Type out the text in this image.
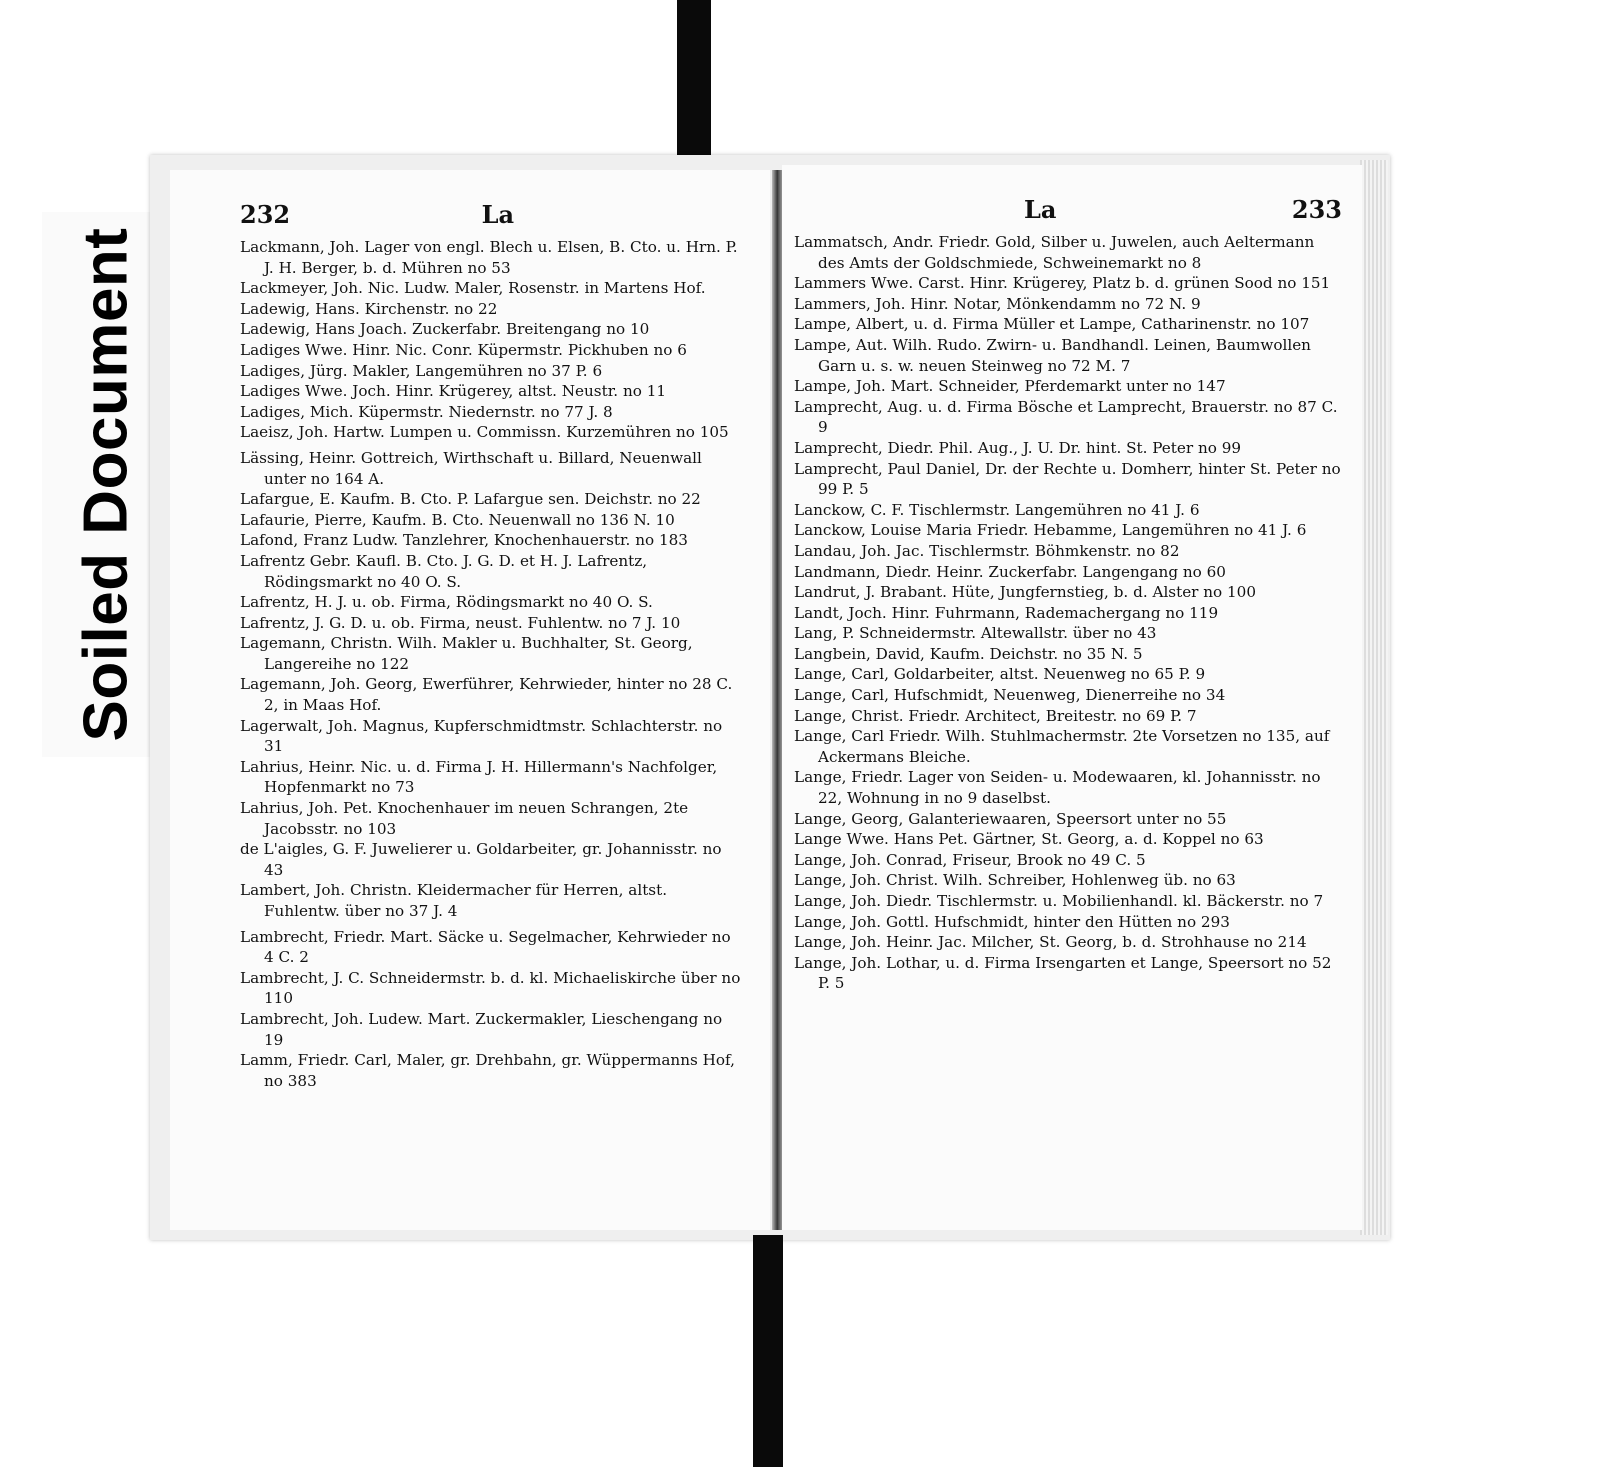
Soiled Document
232	La

Lackmann, Joh. Lager von engl. Blech u. Elsen, B. Cto. u. Hrn. P. J. H. Berger, b. d. Mühren no 53

Lackmeyer, Joh. Nic. Ludw. Maler, Rosenstr. in Martens Hof.

Ladewig, Hans. Kirchenstr. no 22

Ladewig, Hans Joach. Zuckerfabr. Breitengang no 10

Ladiges Wwe. Hinr. Nic. Conr. Küpermstr. Pickhuben no 6

Ladiges, Jürg. Makler, Langemühren no 37 P. 6

Ladiges Wwe. Joch. Hinr. Krügerey, altst. Neustr. no 11

Ladiges, Mich. Küpermstr. Niedernstr. no 77 J. 8

Laeisz, Joh. Hartw. Lumpen u. Commissn. Kurzemühren no 105

Lässing, Heinr. Gottreich, Wirthschaft u. Billard, Neuenwall unter no 164 A.

Lafargue, E. Kaufm. B. Cto. P. Lafargue sen. Deichstr. no 22

Lafaurie, Pierre, Kaufm. B. Cto. Neuenwall no 136 N. 10

Lafond, Franz Ludw. Tanzlehrer, Knochenhauerstr. no 183

Lafrentz Gebr. Kaufl. B. Cto. J. G. D. et H. J. Lafrentz, Rödingsmarkt no 40 O. S.

Lafrentz, H. J. u. ob. Firma, Rödingsmarkt no 40 O. S.

Lafrentz, J. G. D. u. ob. Firma, neust. Fuhlentw. no 7 J. 10

Lagemann, Christn. Wilh. Makler u. Buchhalter, St. Georg, Langereihe no 122

Lagemann, Joh. Georg, Ewerführer, Kehrwieder, hinter no 28 C. 2, in Maas Hof.

Lagerwalt, Joh. Magnus, Kupferschmidtmstr. Schlachterstr. no 31

Lahrius, Heinr. Nic. u. d. Firma J. H. Hillermann's Nachfolger, Hopfenmarkt no 73

Lahrius, Joh. Pet. Knochenhauer im neuen Schrangen, 2te Jacobsstr. no 103

de L'aigles, G. F. Juwelierer u. Goldarbeiter, gr. Johannisstr. no 43

Lambert, Joh. Christn. Kleidermacher für Herren, altst. Fuhlentw. über no 37 J. 4

Lambrecht, Friedr. Mart. Säcke u. Segelmacher, Kehrwieder no 4 C. 2

Lambrecht, J. C. Schneidermstr. b. d. kl. Michaeliskirche über no 110

Lambrecht, Joh. Ludew. Mart. Zuckermakler, Lieschengang no 19

Lamm, Friedr. Carl, Maler, gr. Drehbahn, gr. Wüppermanns Hof, no 383

La	233

Lammatsch, Andr. Friedr. Gold, Silber u. Juwelen, auch Aeltermann des Amts der Goldschmiede, Schweinemarkt no 8

Lammers Wwe. Carst. Hinr. Krügerey, Platz b. d. grünen Sood no 151

Lammers, Joh. Hinr. Notar, Mönkendamm no 72 N. 9

Lampe, Albert, u. d. Firma Müller et Lampe, Catharinenstr. no 107

Lampe, Aut. Wilh. Rudo. Zwirn- u. Bandhandl. Leinen, Baumwollen Garn u. s. w. neuen Steinweg no 72 M. 7

Lampe, Joh. Mart. Schneider, Pferdemarkt unter no 147

Lamprecht, Aug. u. d. Firma Bösche et Lamprecht, Brauerstr. no 87 C. 9

Lamprecht, Diedr. Phil. Aug., J. U. Dr. hint. St. Peter no 99

Lamprecht, Paul Daniel, Dr. der Rechte u. Domherr, hinter St. Peter no 99 P. 5

Lanckow, C. F. Tischlermstr. Langemühren no 41 J. 6

Lanckow, Louise Maria Friedr. Hebamme, Langemühren no 41 J. 6

Landau, Joh. Jac. Tischlermstr. Böhmkenstr. no 82

Landmann, Diedr. Heinr. Zuckerfabr. Langengang no 60

Landrut, J. Brabant. Hüte, Jungfernstieg, b. d. Alster no 100

Landt, Joch. Hinr. Fuhrmann, Rademachergang no 119

Lang, P. Schneidermstr. Altewallstr. über no 43

Langbein, David, Kaufm. Deichstr. no 35 N. 5

Lange, Carl, Goldarbeiter, altst. Neuenweg no 65 P. 9

Lange, Carl, Hufschmidt, Neuenweg, Dienerreihe no 34

Lange, Christ. Friedr. Architect, Breitestr. no 69 P. 7

Lange, Carl Friedr. Wilh. Stuhlmachermstr. 2te Vorsetzen no 135, auf Ackermans Bleiche.

Lange, Friedr. Lager von Seiden- u. Modewaaren, kl. Johannisstr. no 22, Wohnung in no 9 daselbst.

Lange, Georg, Galanteriewaaren, Speersort unter no 55

Lange Wwe. Hans Pet. Gärtner, St. Georg, a. d. Koppel no 63

Lange, Joh. Conrad, Friseur, Brook no 49 C. 5

Lange, Joh. Christ. Wilh. Schreiber, Hohlenweg üb. no 63

Lange, Joh. Diedr. Tischlermstr. u. Mobilienhandl. kl. Bäckerstr. no 7

Lange, Joh. Gottl. Hufschmidt, hinter den Hütten no 293

Lange, Joh. Heinr. Jac. Milcher, St. Georg, b. d. Strohhause no 214

Lange, Joh. Lothar, u. d. Firma Irsengarten et Lange, Speersort no 52 P. 5
